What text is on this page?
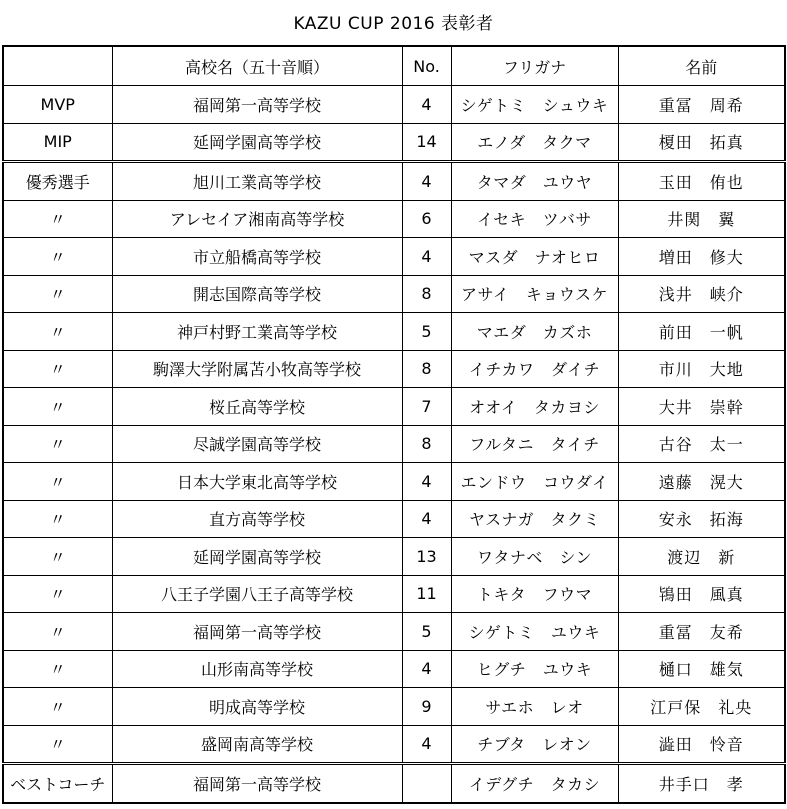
KAZU CUP 2016 表彰者
	高校名（五十音順）	No.	フリガナ	名前
MVP	福岡第一高等学校	4	シゲトミ　シュウキ	重冨　周希
MIP	延岡学園高等学校	14	エノダ　タクマ	榎田　拓真
優秀選手	旭川工業高等学校	4	タマダ　ユウヤ	玉田　侑也
〃	アレセイア湘南高等学校	6	イセキ　ツバサ	井関　翼
〃	市立船橋高等学校	4	マスダ　ナオヒロ	増田　修大
〃	開志国際高等学校	8	アサイ　キョウスケ	浅井　峡介
〃	神戸村野工業高等学校	5	マエダ　カズホ	前田　一帆
〃	駒澤大学附属苫小牧高等学校	8	イチカワ　ダイチ	市川　大地
〃	桜丘高等学校	7	オオイ　タカヨシ	大井　崇幹
〃	尽誠学園高等学校	8	フルタニ　タイチ	古谷　太一
〃	日本大学東北高等学校	4	エンドウ　コウダイ	遠藤　滉大
〃	直方高等学校	4	ヤスナガ　タクミ	安永　拓海
〃	延岡学園高等学校	13	ワタナベ　シン	渡辺　新
〃	八王子学園八王子高等学校	11	トキタ　フウマ	鴇田　風真
〃	福岡第一高等学校	5	シゲトミ　ユウキ	重冨　友希
〃	山形南高等学校	4	ヒグチ　ユウキ	樋口　雄気
〃	明成高等学校	9	サエホ　レオ	江戸保　礼央
〃	盛岡南高等学校	4	チブタ　レオン	澁田　怜音
ベストコーチ	福岡第一高等学校		イデグチ　タカシ	井手口　孝
